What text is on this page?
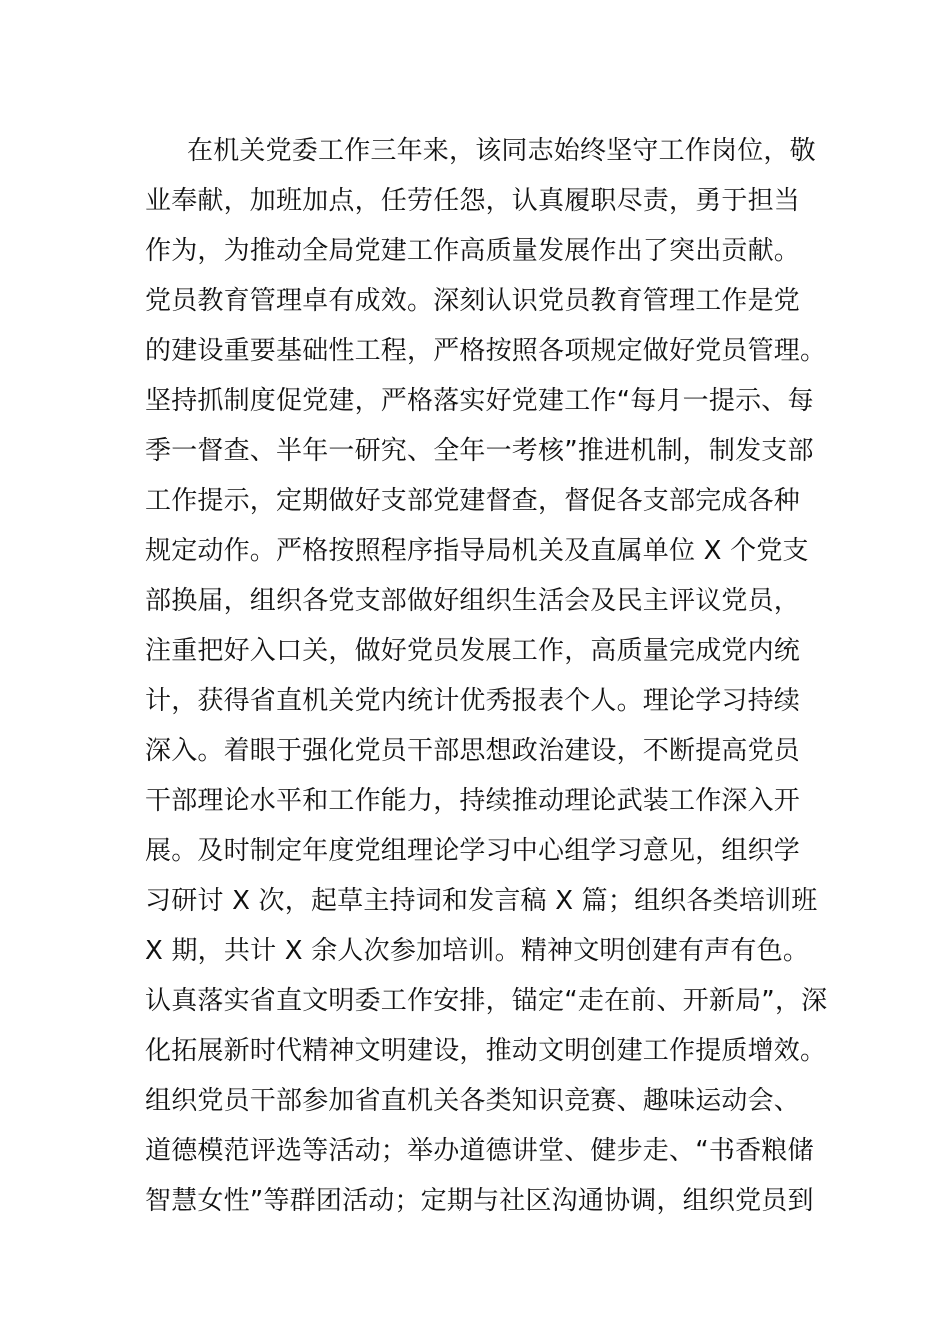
在机关党委工作三年来，该同志始终坚守工作岗位，敬
业奉献，加班加点，任劳任怨，认真履职尽责，勇于担当
作为，为推动全局党建工作高质量发展作出了突出贡献。
党员教育管理卓有成效。深刻认识党员教育管理工作是党
的建设重要基础性工程，严格按照各项规定做好党员管理。
坚持抓制度促党建，严格落实好党建工作“每月一提示、每
季一督查、半年一研究、全年一考核”推进机制，制发支部
工作提示，定期做好支部党建督查，督促各支部完成各种
规定动作。严格按照程序指导局机关及直属单位 X 个党支
部换届，组织各党支部做好组织生活会及民主评议党员，
注重把好入口关，做好党员发展工作，高质量完成党内统
计，获得省直机关党内统计优秀报表个人。理论学习持续
深入。着眼于强化党员干部思想政治建设，不断提高党员
干部理论水平和工作能力，持续推动理论武装工作深入开
展。及时制定年度党组理论学习中心组学习意见，组织学
习研讨 X 次，起草主持词和发言稿 X 篇；组织各类培训班
X 期，共计 X 余人次参加培训。精神文明创建有声有色。
认真落实省直文明委工作安排，锚定“走在前、开新局”，深
化拓展新时代精神文明建设，推动文明创建工作提质增效。
组织党员干部参加省直机关各类知识竞赛、趣味运动会、
道德模范评选等活动；举办道德讲堂、健步走、“书香粮储
智慧女性”等群团活动；定期与社区沟通协调，组织党员到
